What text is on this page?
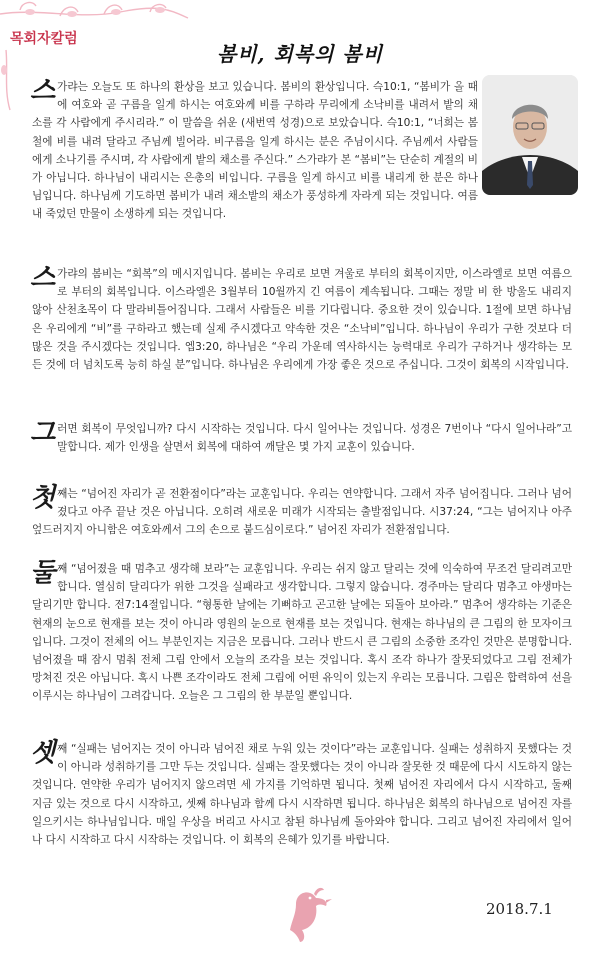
목회자칼럼
봄비, 회복의 봄비
스가랴는 오늘도 또 하나의 환상을 보고 있습니다. 봄비의 환상입니다. 슥10:1, “봄비가 올 때에 여호와 곧 구름을 일게 하시는 여호와께 비를 구하라 무리에게 소낙비를 내려서 밭의 채소를 각 사람에게 주시리라.” 이 말씀을 쉬운 (새번역 성경)으로 보았습니다. 슥10:1, “너희는 봄철에 비를 내려 달라고 주님께 빌어라. 비구름을 일게 하시는 분은 주님이시다. 주님께서 사람들에게 소나기를 주시며, 각 사람에게 밭의 채소를 주신다.” 스가랴가 본 “봄비”는 단순히 계절의 비가 아닙니다. 하나님이 내리시는 은총의 비입니다. 구름을 일게 하시고 비를 내리게 한 분은 하나님입니다. 하나님께 기도하면 봄비가 내려 채소밭의 채소가 풍성하게 자라게 되는 것입니다. 여름내 죽었던 만물이 소생하게 되는 것입니다.
스가랴의 봄비는 “회복”의 메시지입니다. 봄비는 우리로 보면 겨울로 부터의 회복이지만, 이스라엘로 보면 여름으로 부터의 회복입니다. 이스라엘은 3월부터 10월까지 긴 여름이 계속됩니다. 그때는 정말 비 한 방울도 내리지 않아 산천초목이 다 말라비틀어집니다. 그래서 사람들은 비를 기다립니다. 중요한 것이 있습니다. 1절에 보면 하나님은 우리에게 “비”를 구하라고 했는데 실제 주시겠다고 약속한 것은 “소낙비”입니다. 하나님이 우리가 구한 것보다 더 많은 것을 주시겠다는 것입니다. 엡3:20, 하나님은 “우리 가운데 역사하시는 능력대로 우리가 구하거나 생각하는 모든 것에 더 넘치도록 능히 하실 분”입니다. 하나님은 우리에게 가장 좋은 것으로 주십니다. 그것이 회복의 시작입니다.
그러면 회복이 무엇입니까? 다시 시작하는 것입니다. 다시 일어나는 것입니다. 성경은 7번이나 “다시 일어나라”고 말합니다. 제가 인생을 살면서 회복에 대하여 깨달은 몇 가지 교훈이 있습니다.
첫째는 “넘어진 자리가 곧 전환점이다”라는 교훈입니다. 우리는 연약합니다. 그래서 자주 넘어집니다. 그러나 넘어졌다고 아주 끝난 것은 아닙니다. 오히려 새로운 미래가 시작되는 출발점입니다. 시37:24, “그는 넘어지나 아주 엎드러지지 아니함은 여호와께서 그의 손으로 붙드심이로다.” 넘어진 자리가 전환점입니다.
둘째 “넘어졌을 때 멈추고 생각해 보라”는 교훈입니다. 우리는 쉬지 않고 달리는 것에 익숙하여 무조건 달리려고만 합니다. 열심히 달리다가 위한 그것을 실패라고 생각합니다. 그렇지 않습니다. 경주마는 달리다 멈추고 야생마는 달리기만 합니다. 전7:14절입니다. “형통한 날에는 기뻐하고 곤고한 날에는 되돌아 보아라.” 멈추어 생각하는 기준은 현재의 눈으로 현재를 보는 것이 아니라 영원의 눈으로 현재를 보는 것입니다. 현재는 하나님의 큰 그림의 한 모자이크입니다. 그것이 전체의 어느 부분인지는 지금은 모릅니다. 그러나 반드시 큰 그림의 소중한 조각인 것만은 분명합니다. 넘어졌을 때 잠시 멈춰 전체 그림 안에서 오늘의 조각을 보는 것입니다. 혹시 조각 하나가 잘못되었다고 그림 전체가 망쳐진 것은 아닙니다. 혹시 나쁜 조각이라도 전체 그림에 어떤 유익이 있는지 우리는 모릅니다. 그림은 합력하여 선을 이루시는 하나님이 그려갑니다. 오늘은 그 그림의 한 부분일 뿐입니다.
셋째 “실패는 넘어지는 것이 아니라 넘어진 채로 누워 있는 것이다”라는 교훈입니다. 실패는 성취하지 못했다는 것이 아니라 성취하기를 그만 두는 것입니다. 실패는 잘못했다는 것이 아니라 잘못한 것 때문에 다시 시도하지 않는 것입니다. 연약한 우리가 넘어지지 않으려면 세 가지를 기억하면 됩니다. 첫째 넘어진 자리에서 다시 시작하고, 둘째 지금 있는 것으로 다시 시작하고, 셋째 하나님과 함께 다시 시작하면 됩니다. 하나님은 회복의 하나님으로 넘어진 자를 일으키시는 하나님입니다. 매일 우상을 버리고 사시고 참된 하나님께 돌아와야 합니다. 그리고 넘어진 자리에서 일어나 다시 시작하고 다시 시작하는 것입니다. 이 회복의 은혜가 있기를 바랍니다.
2018.7.1
